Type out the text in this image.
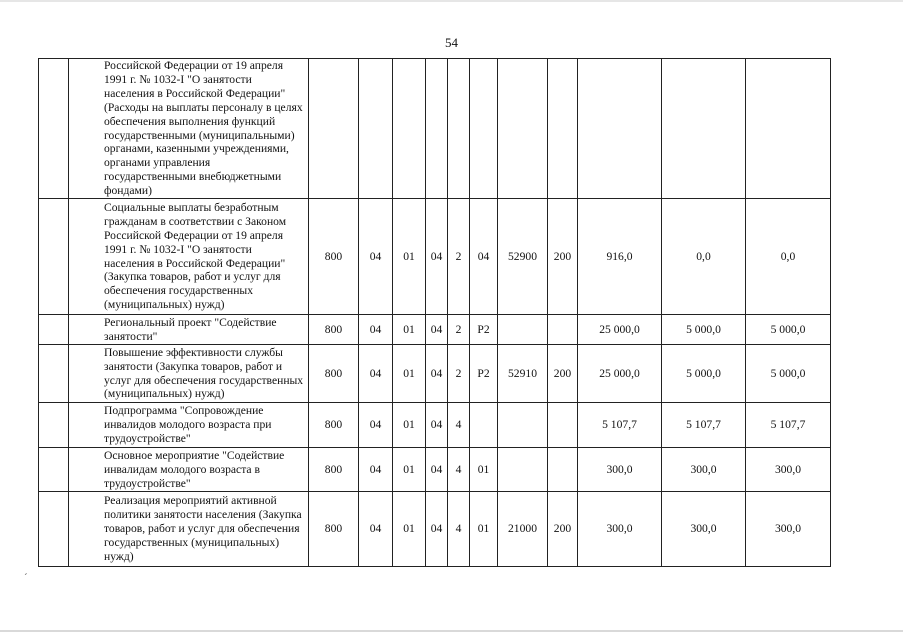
54
	Российской Федерации от 19 апреля 1991 г. № 1032-I "О занятости населения в Российской Федерации" (Расходы на выплаты персоналу в целях обеспечения выполнения функций государственными (муниципальными) органами, казенными учреждениями, органами управления государственными внебюджетными фондами)											
	Социальные выплаты безработным гражданам в соответствии с Законом Российской Федерации от 19 апреля 1991 г. № 1032-I "О занятости населения в Российской Федерации" (Закупка товаров, работ и услуг для обеспечения государственных (муниципальных) нужд)	800	04	01	04	2	04	52900	200	916,0	0,0	0,0
	Региональный проект "Содействие занятости"	800	04	01	04	2	P2			25 000,0	5 000,0	5 000,0
	Повышение эффективности службы занятости (Закупка товаров, работ и услуг для обеспечения государственных (муниципальных) нужд)	800	04	01	04	2	P2	52910	200	25 000,0	5 000,0	5 000,0
	Подпрограмма "Сопровождение инвалидов молодого возраста при трудоустройстве"	800	04	01	04	4				5 107,7	5 107,7	5 107,7
	Основное мероприятие "Содействие инвалидам молодого возраста в трудоустройстве"	800	04	01	04	4	01			300,0	300,0	300,0
	Реализация мероприятий активной политики занятости населения (Закупка товаров, работ и услуг для обеспечения государственных (муниципальных) нужд)	800	04	01	04	4	01	21000	200	300,0	300,0	300,0
´
